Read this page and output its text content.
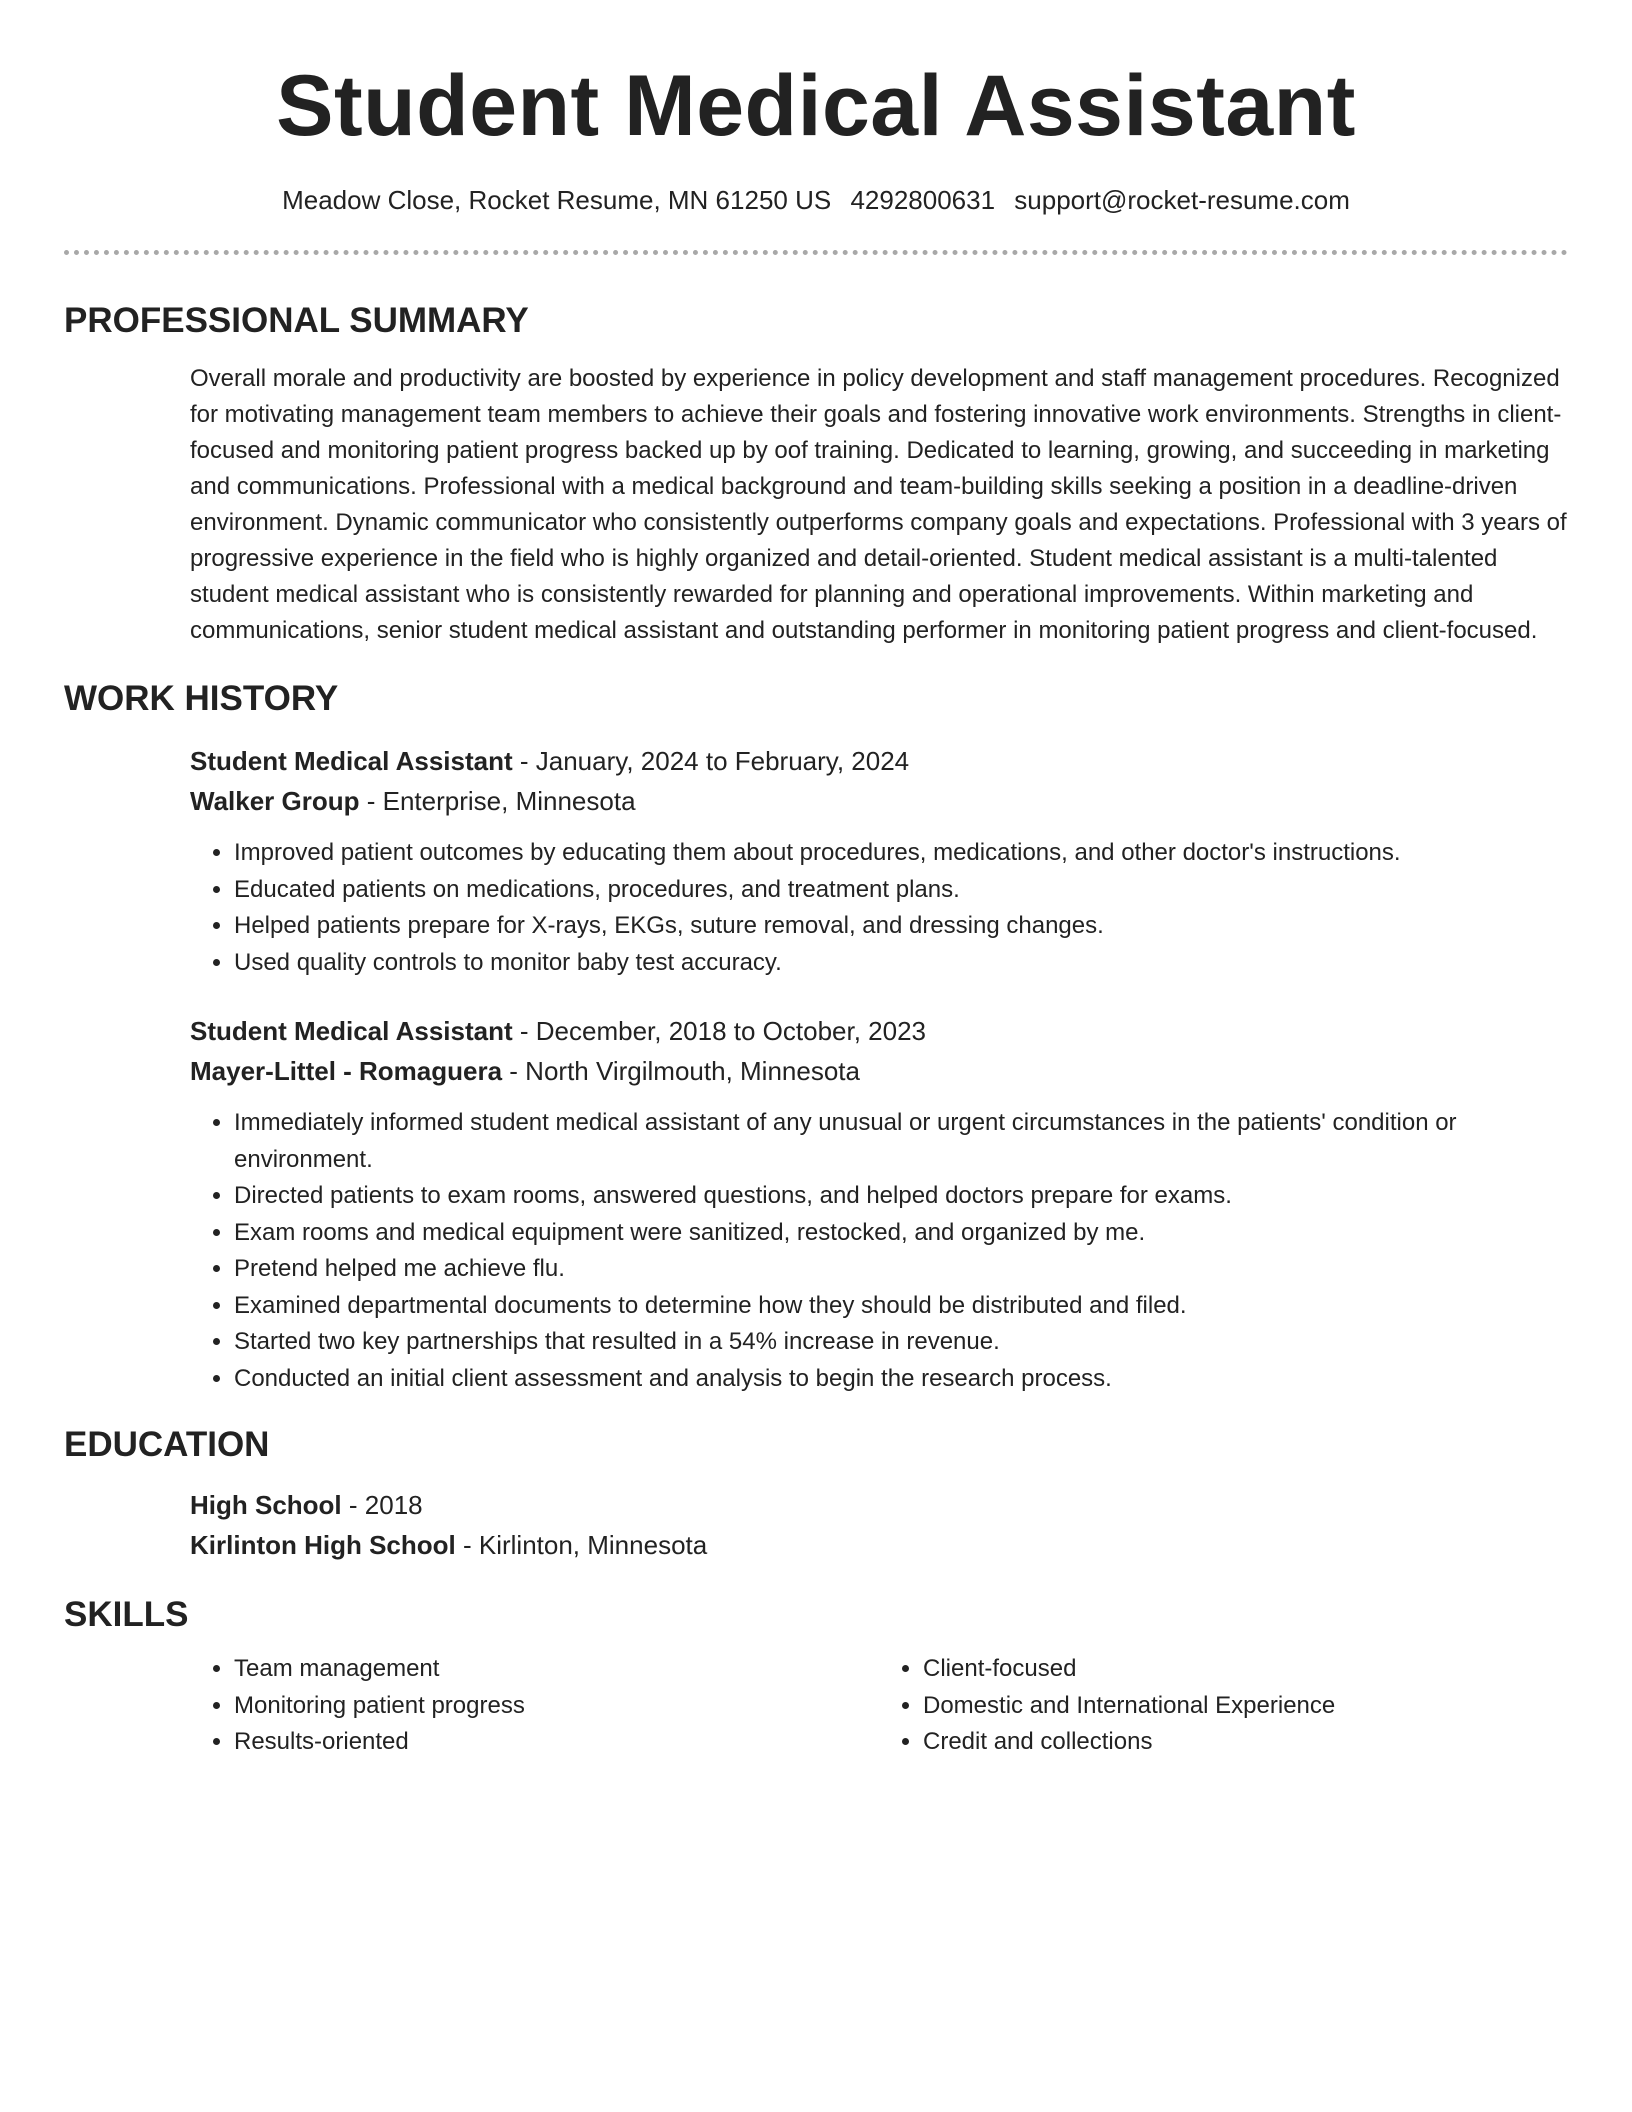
Student Medical Assistant
Meadow Close, Rocket Resume, MN 61250 US 4292800631 support@rocket-resume.com
PROFESSIONAL SUMMARY

Overall morale and productivity are boosted by experience in policy development and staff management procedures. Recognized for motivating management team members to achieve their goals and fostering innovative work environments. Strengths in client-focused and monitoring patient progress backed up by oof training. Dedicated to learning, growing, and succeeding in marketing and communications. Professional with a medical background and team-building skills seeking a position in a deadline-driven environment. Dynamic communicator who consistently outperforms company goals and expectations. Professional with 3 years of progressive experience in the field who is highly organized and detail-oriented. Student medical assistant is a multi-talented student medical assistant who is consistently rewarded for planning and operational improvements. Within marketing and communications, senior student medical assistant and outstanding performer in monitoring patient progress and client-focused.

WORK HISTORY

Student Medical Assistant - January, 2024 to February, 2024

Walker Group - Enterprise, Minnesota

• Improved patient outcomes by educating them about procedures, medications, and other doctor's instructions.
• Educated patients on medications, procedures, and treatment plans.
• Helped patients prepare for X-rays, EKGs, suture removal, and dressing changes.
• Used quality controls to monitor baby test accuracy.

Student Medical Assistant - December, 2018 to October, 2023

Mayer-Littel - Romaguera - North Virgilmouth, Minnesota

• Immediately informed student medical assistant of any unusual or urgent circumstances in the patients' condition or environment.
• Directed patients to exam rooms, answered questions, and helped doctors prepare for exams.
• Exam rooms and medical equipment were sanitized, restocked, and organized by me.
• Pretend helped me achieve flu.
• Examined departmental documents to determine how they should be distributed and filed.
• Started two key partnerships that resulted in a 54% increase in revenue.
• Conducted an initial client assessment and analysis to begin the research process.
EDUCATION

High School - 2018

Kirlinton High School - Kirlinton, Minnesota

SKILLS
• Team management
• Monitoring patient progress
• Results-oriented
• Client-focused
• Domestic and International Experience
• Credit and collections
